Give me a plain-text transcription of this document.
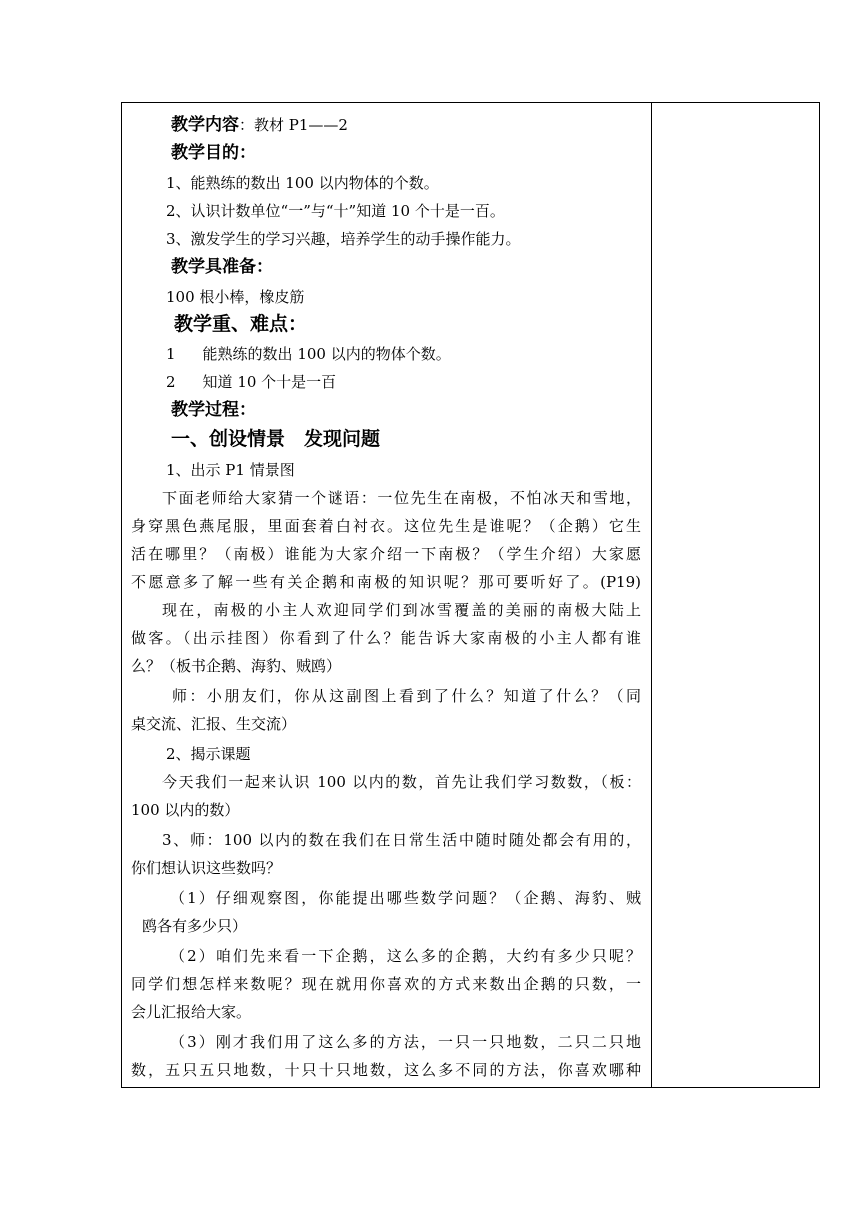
教学内容：教材 P1——2
教学目的：
1、能熟练的数出 100 以内物体的个数。
2、认识计数单位“一”与“十”知道 10 个十是一百。
3、激发学生的学习兴趣，培养学生的动手操作能力。
教学具准备：
100 根小棒，橡皮筋
教学重、难点：
1 能熟练的数出 100 以内的物体个数。
2 知道 10 个十是一百
教学过程：
一、创设情景　发现问题
1、出示 P1 情景图
下面老师给大家猜一个谜语：一位先生在南极，不怕冰天和雪地，
身穿黑色燕尾服，里面套着白衬衣。这位先生是谁呢？（企鹅）它生
活在哪里？（南极）谁能为大家介绍一下南极？（学生介绍）大家愿
不愿意多了解一些有关企鹅和南极的知识呢？那可要听好了。(P19)
现在，南极的小主人欢迎同学们到冰雪覆盖的美丽的南极大陆上
做客。（出示挂图）你看到了什么？能告诉大家南极的小主人都有谁
么？（板书企鹅、海豹、贼鸥）
师：小朋友们，你从这副图上看到了什么？知道了什么？（同
桌交流、汇报、生交流）
2、揭示课题
今天我们一起来认识 100 以内的数，首先让我们学习数数，（板：
100 以内的数）
3、师：100 以内的数在我们在日常生活中随时随处都会有用的，
你们想认识这些数吗？
（1）仔细观察图，你能提出哪些数学问题？（企鹅、海豹、贼
鸥各有多少只）
（2）咱们先来看一下企鹅，这么多的企鹅，大约有多少只呢？
同学们想怎样来数呢？现在就用你喜欢的方式来数出企鹅的只数，一
会儿汇报给大家。
（3）刚才我们用了这么多的方法，一只一只地数，二只二只地
数，五只五只地数，十只十只地数，这么多不同的方法，你喜欢哪种
